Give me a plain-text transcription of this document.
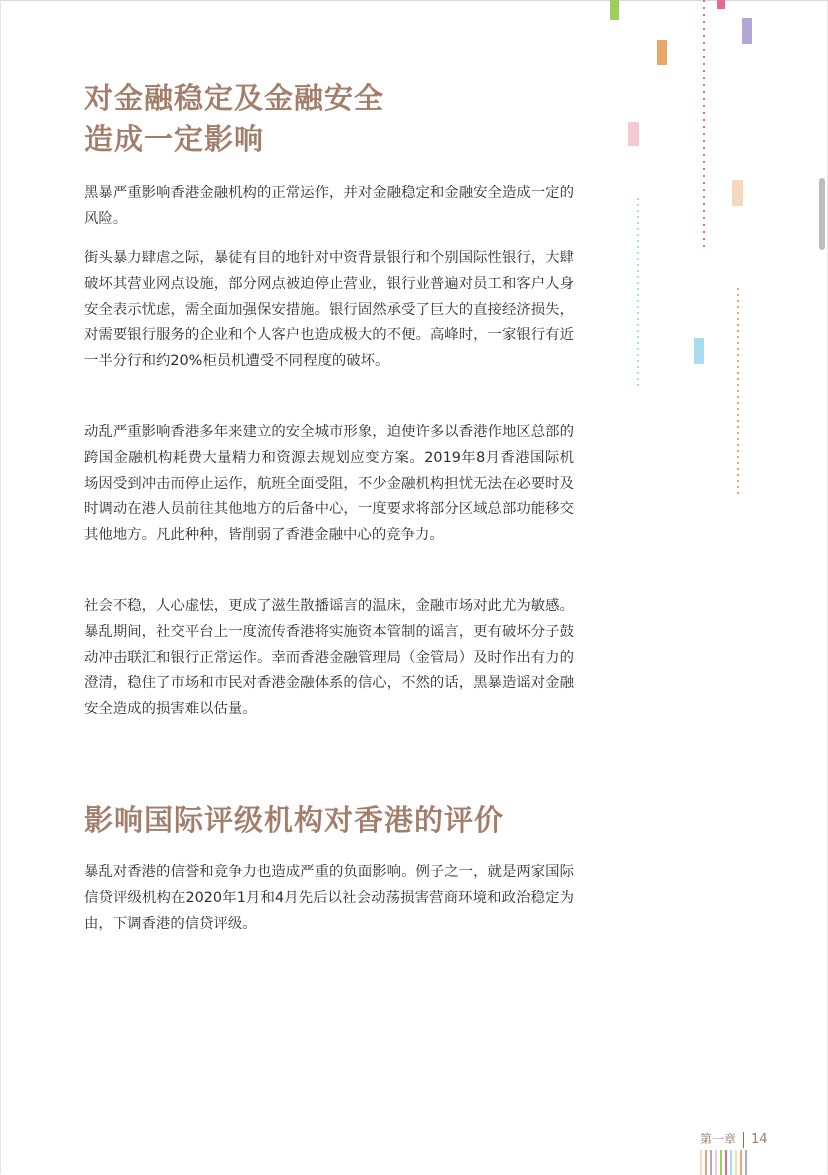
对金融稳定及金融安全
造成一定影响

黑暴严重影响香港金融机构的正常运作，并对金融稳定和金融安全造成一定的风险。

街头暴力肆虐之际，暴徒有目的地针对中资背景银行和个别国际性银行，大肆破坏其营业网点设施，部分网点被迫停止营业，银行业普遍对员工和客户人身安全表示忧虑，需全面加强保安措施。银行固然承受了巨大的直接经济损失，对需要银行服务的企业和个人客户也造成极大的不便。高峰时，一家银行有近一半分行和约20%柜员机遭受不同程度的破坏。

动乱严重影响香港多年来建立的安全城市形象，迫使许多以香港作地区总部的跨国金融机构耗费大量精力和资源去规划应变方案。2019年8月香港国际机场因受到冲击而停止运作，航班全面受阻，不少金融机构担忧无法在必要时及时调动在港人员前往其他地方的后备中心，一度要求将部分区域总部功能移交其他地方。凡此种种，皆削弱了香港金融中心的竞争力。

社会不稳，人心虚怯，更成了滋生散播谣言的温床，金融市场对此尤为敏感。暴乱期间，社交平台上一度流传香港将实施资本管制的谣言，更有破坏分子鼓动冲击联汇和银行正常运作。幸而香港金融管理局（金管局）及时作出有力的澄清，稳住了市场和市民对香港金融体系的信心，不然的话，黑暴造谣对金融安全造成的损害难以估量。

影响国际评级机构对香港的评价

暴乱对香港的信誉和竞争力也造成严重的负面影响。例子之一，就是两家国际信贷评级机构在2020年1月和4月先后以社会动荡损害营商环境和政治稳定为由，下调香港的信贷评级。

第一章 14
